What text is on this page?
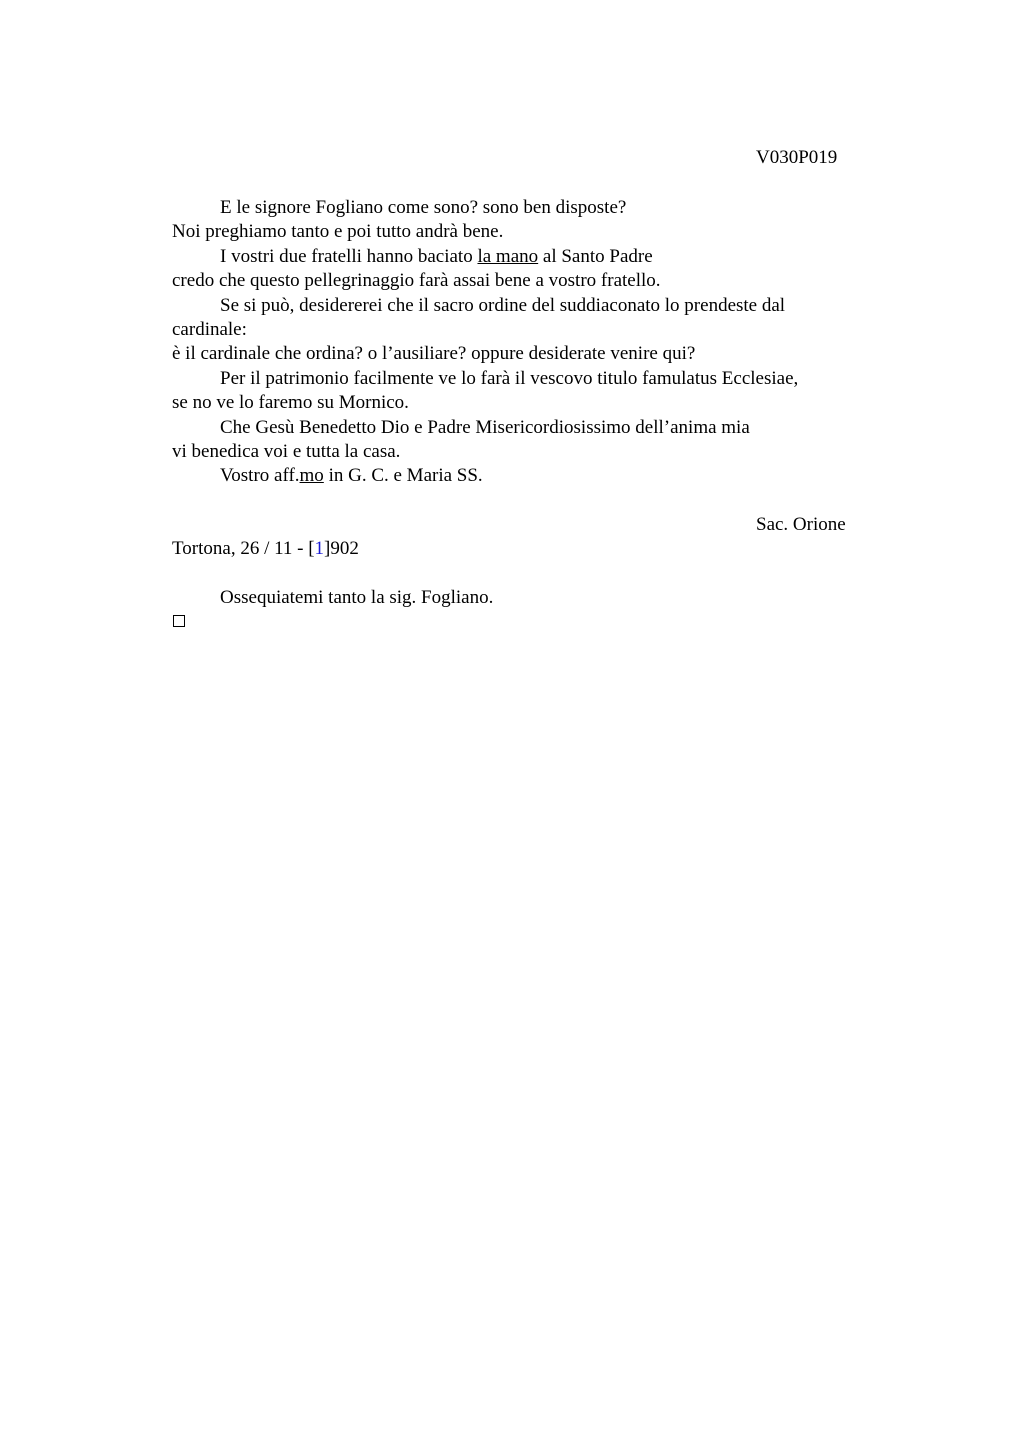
V030P019
E le signore Fogliano come sono? sono ben disposte?
Noi preghiamo tanto e poi tutto andrà bene.
I vostri due fratelli hanno baciato la mano al Santo Padre
credo che questo pellegrinaggio farà assai bene a vostro fratello.
Se si può, desidererei che il sacro ordine del suddiaconato lo prendeste dal
cardinale:
è il cardinale che ordina? o l’ausiliare? oppure desiderate venire qui?
Per il patrimonio facilmente ve lo farà il vescovo titulo famulatus Ecclesiae,
se no ve lo faremo su Mornico.
Che Gesù Benedetto Dio e Padre Misericordiosissimo dell’anima mia
vi benedica voi e tutta la casa.
Vostro aff.mo in G. C. e Maria SS.
Sac. Orione
Tortona, 26 / 11 - [1]902
Ossequiatemi tanto la sig. Fogliano.
